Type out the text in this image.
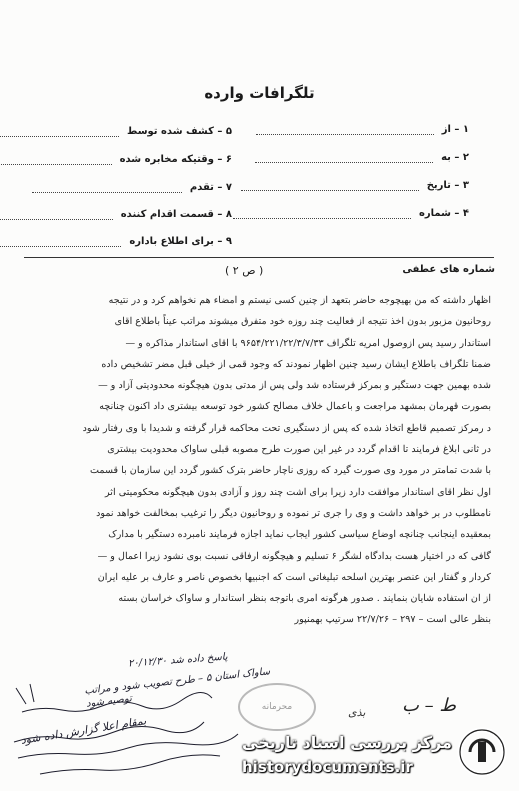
تلگرافات وارده
۱ – از
۲ – به
۳ – تاریخ
۴ – شماره
۵ – کشف شده توسط
۶ – وقتیکه مخابره شده
۷ – تقدم
۸ – قسمت اقدام کننده
۹ – برای اطلاع باداره
شماره های عطفی
( ص ۲ )
اظهار داشته که من بهیچوجه حاضر بتعهد از چنین کسی نیستم و امضاء هم نخواهم کرد و در نتیجه
روحانیون مزبور بدون اخذ نتیجه از فعالیت چند روزه خود متفرق میشوند مراتب عیناً باطلاع اقای
استاندار رسید پس ازوصول امریه تلگراف ۹۶۵۴/۲۲۱/۲۲/۳/۷/۳۳ با اقای استاندار مذاکره و —
ضمنا تلگراف باطلاع ایشان رسید چنین اظهار نمودند که وجود قمی از خیلی قبل مضر تشخیص داده
شده بهمین جهت دستگیر و بمرکز فرستاده شد ولی پس از مدتی بدون هیچگونه محدودیتی آزاد و —
بصورت قهرمان بمشهد مراجعت و باعمال خلاف مصالح کشور خود توسعه بیشتری داد اکنون چنانچه
د رمرکز تصمیم قاطع اتخاذ شده که پس از دستگیری تحت محاکمه قرار گرفته و شدیدا با وی رفتار شود
در ثانی ابلاغ فرمایند تا اقدام گردد در غیر این صورت طرح مصوبه قبلی ساواک محدودیت بیشتری
با شدت تمامتر در مورد وی صورت گیرد که روزی ناچار حاضر بترک کشور گردد این سازمان با قسمت
اول نظر اقای استاندار موافقت دارد زیرا برای اشت چند روز و آزادی بدون هیچگونه محکومیتی اثر
نامطلوب در بر خواهد داشت و وی را جری تر نموده و روحانیون دیگر را ترغیب بمخالفت خواهد نمود
بمعقیده اینجانب چنانچه اوضاع سیاسی کشور ایجاب نماید اجازه فرمایند نامبرده دستگیر با مدارک
گافی که در اختیار هست بدادگاه لشگر ۶ تسلیم و هیچگونه ارفاقی نسبت بوی نشود زیرا اعمال و —
کردار و گفتار این عنصر بهترین اسلحه تبلیغاتی است که اجنبیها بخصوص ناصر و عارف بر علیه ایران
از ان استفاده شایان بنمایند . صدور هرگونه امری باتوجه بنظر استاندار و ساواک خراسان بسته
بنظر عالی است – ۲۹۷ – ۲۲/۷/۲۶ سرتیپ بهمنپور
پاسخ داده شد ۲۰/۱۲/۳۰
ساواک استان ۵ – طرح تصویب شود و مراتب
توصیه شود
بمقام اعلا گزارش داده شود
محرمانه	ط – ب
بذی
مرکز بررسی اسناد تاریخی
historydocuments.ir
